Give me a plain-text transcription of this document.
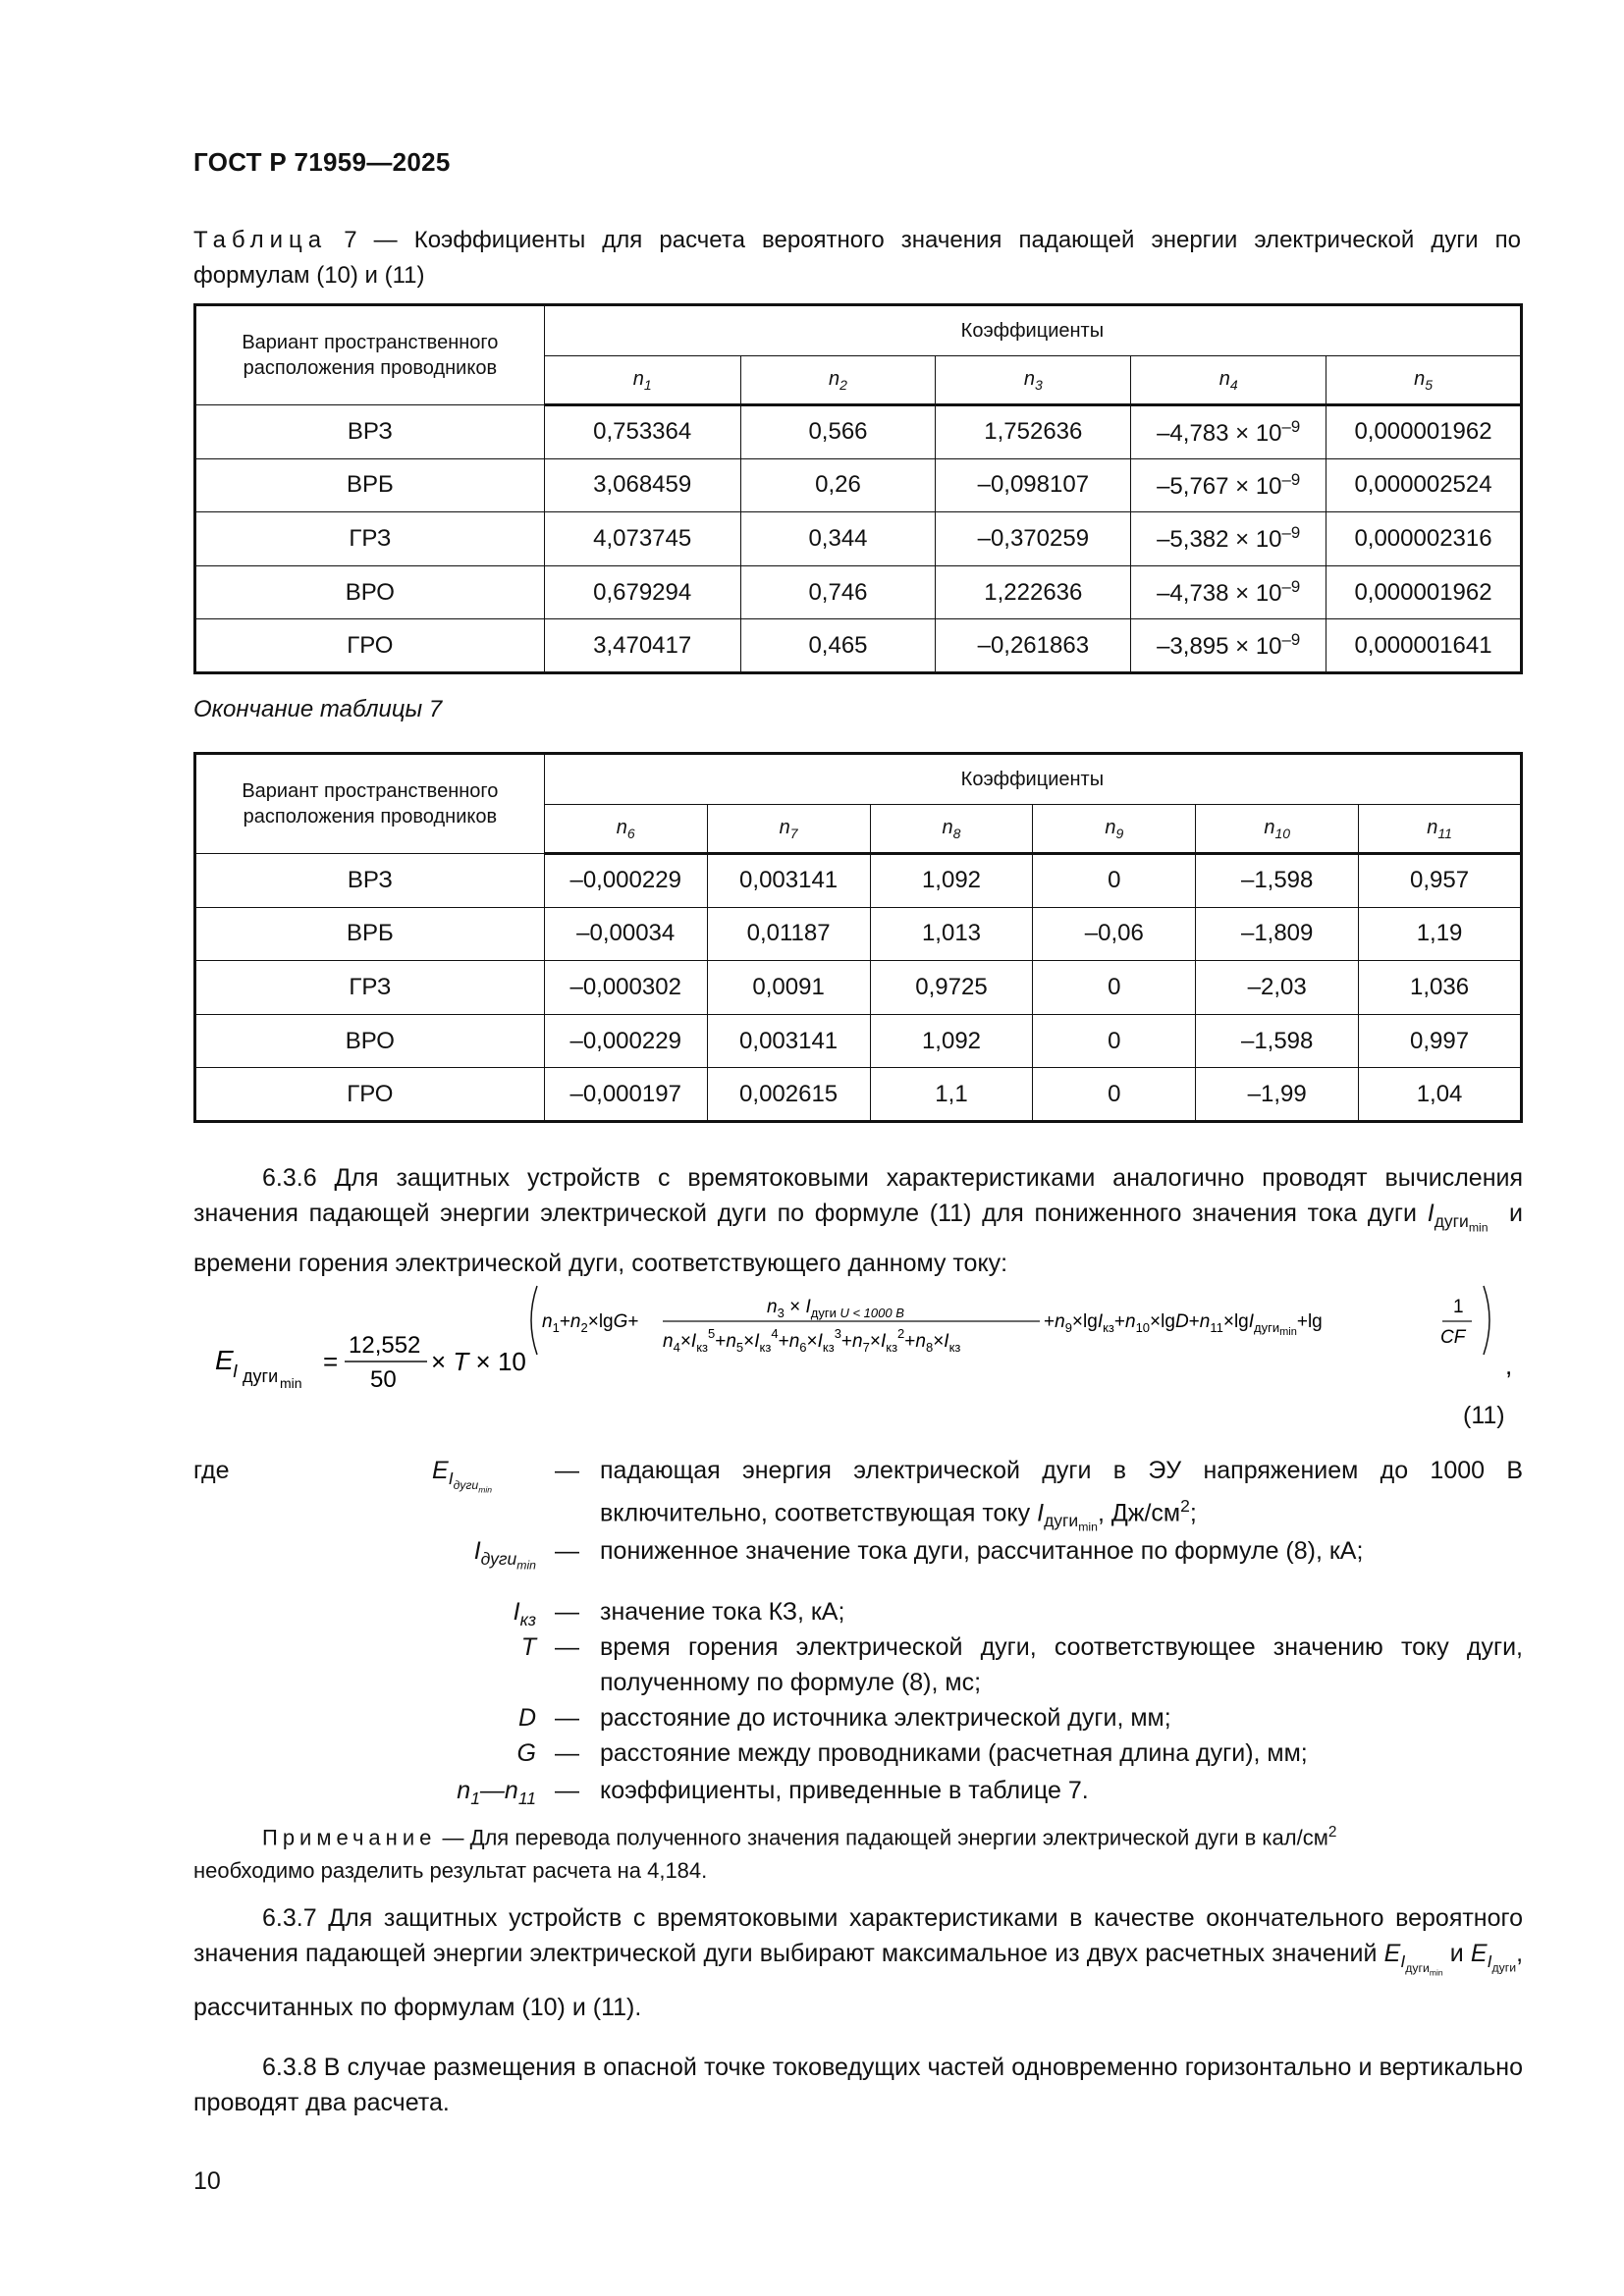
ГОСТ Р 71959—2025
Таблица 7 — Коэффициенты для расчета вероятного значения падающей энергии электрической дуги по формулам (10) и (11)
Вариант пространственного расположения проводников	Коэффициенты				
	$n_1$	$n_2$	$n_3$	$n_4$	$n_5$
ВРЗ	0,753364	0,566	1,752636	$-4,783 \times 10^{-9}$	0,000001962
ВРБ	3,068459	0,26	–0,098107	$-5,767 \times 10^{-9}$	0,000002524
ГРЗ	4,073745	0,344	–0,370259	$-5,382 \times 10^{-9}$	0,000002316
ВРО	0,679294	0,746	1,222636	$-4,738 \times 10^{-9}$	0,000001962
ГРО	3,470417	0,465	–0,261863	$-3,895 \times 10^{-9}$	0,000001641
Окончание таблицы 7
Вариант пространственного расположения проводников	Коэффициенты					
	$n_6$	$n_7$	$n_8$	$n_9$	$n_{10}$	$n_{11}$
ВРЗ	–0,000229	0,003141	1,092	0	–1,598	0,957
ВРБ	–0,00034	0,01187	1,013	–0,06	–1,809	1,19
ГРЗ	–0,000302	0,0091	0,9725	0	–2,03	1,036
ВРО	–0,000229	0,003141	1,092	0	–1,598	0,997
ГРО	–0,000197	0,002615	1,1	0	–1,99	1,04
6.3.6 Для защитных устройств с времятоковыми характеристиками аналогично проводят вычисления значения падающей энергии электрической дуги по формуле (11) для пониженного значения тока дуги $I_{дуги_{min}}$  и времени горения электрической дуги, соответствующего данному току:
E I дуги min
=
12,552
50
× T × 10
$n_1+n_2\times\lg G+$
$n_3 \times I_{дуги}$ U < 1000 В
$n_4\times I_{кз}^5+n_5\times I_{кз}^4+n_6\times I_{кз}^3+n_7\times I_{кз}^2+n_8\times I_{кз}$
$+n_9\times\lg I_{кз}+n_{10}\times\lg D+n_{11}\times\lg I_{дуги}\min+\lg$
1
CF
,
(11)
где	$E_{I_{дуги_{min}}}$
— падающая энергия электрической дуги в ЭУ напряжением до 1000 В включительно, соответствующая току $I_{дуги_{min}}$, $Дж/см^2$;
$I_{дуги_{min}}$
— пониженное значение тока дуги, рассчитанное по формуле (8), кА;
$I_{кз}$ — значение тока КЗ, кА;
T — время горения электрической дуги, соответствующее значению току дуги, полученному по формуле (8), мс;
D — расстояние до источника электрической дуги, мм;
G — расстояние между проводниками (расчетная длина дуги), мм;
$n_1—n_{11}$ — коэффициенты, приведенные в таблице 7.
Примечание — Для перевода полученного значения падающей энергии электрической дуги в кал/$см^2$
необходимо разделить результат расчета на 4,184.
6.3.7 Для защитных устройств с времятоковыми характеристиками в качестве окончательного вероятного значения падающей энергии электрической дуги выбирают максимальное из двух расчетных значений $E_{I_{дуги_{min}}}$ и $E_{I_{дуги}}$, рассчитанных по формулам (10) и (11).
6.3.8 В случае размещения в опасной точке токоведущих частей одновременно горизонтально и вертикально проводят два расчета.
10
